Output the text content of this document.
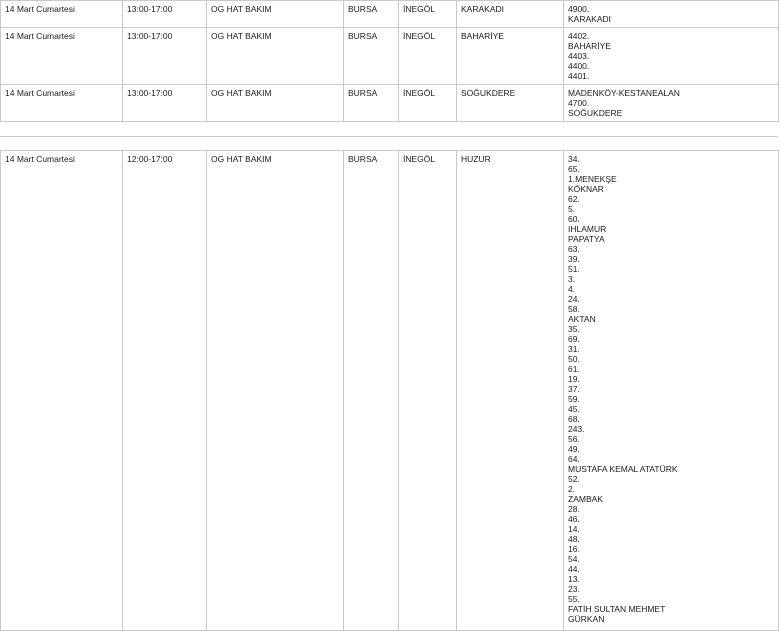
14 Mart Cumartesi	13:00-17:00	OG HAT BAKIM	BURSA	İNEGÖL	KARAKADI	4900.
KARAKADI

14 Mart Cumartesi	13:00-17:00	OG HAT BAKIM	BURSA	İNEGÖL	BAHARİYE	4402.
BAHARİYE
4403.
4400.
4401.

14 Mart Cumartesi	13:00-17:00	OG HAT BAKIM	BURSA	İNEGÖL	SOĞUKDERE	MADENKÖY-KESTANEALAN
4700.
SOĞUKDERE
14 Mart Cumartesi	12:00-17:00	OG HAT BAKIM	BURSA	İNEGÖL	HUZUR	34.
65.
1.MENEKŞE
KÖKNAR
62.
5.
60.
IHLAMUR
PAPATYA
63.
39.
51.
3.
4.
24.
58.
AKTAN
35.
69.
31.
50.
61.
19.
37.
59.
45.
68.
243.
56.
49.
64.
MUSTAFA KEMAL ATATÜRK
52.
2.
ZAMBAK
28.
46.
14.
48.
16.
54.
44.
13.
23.
55.
FATİH SULTAN MEHMET
GÜRKAN
